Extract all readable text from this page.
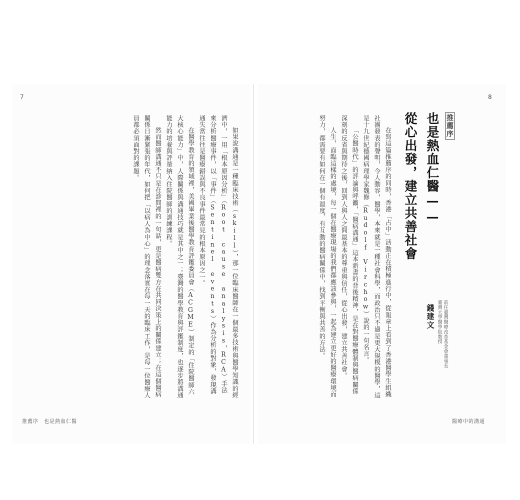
7	8
推薦序
也是熱血仁醫——
從心出發，建立共善社會
前任臺灣醫療改革基金會董事長
臺灣大學醫學院教授
錢建文

在寫這篇推薦序的同時，香港「占中」活動正在積極進行中，從報章上看到了香港醫學生組織社團發表的聲明，令人動容，醫學，本來就是一種社會科學，而政治只不過是更大規模的醫學，這是十九世紀德國病理學家魏修（Rudolf Virchow）說的一句名言。

「公醫時代」的評論與呼籲，「醫病溝通」這本新書的背後精神，是在對醫療體制與醫病關係深刻的反省與期待之後，回到人與人之間最基本的尊重與信任，從心出發，建立共善社會。

人生，面臨這樣的處境，每一個在醫療現場的我們都應該參與，一起為建立更好的醫療環境而努力，都需要有如何在一個有溫度、有互動的醫病關係中，找到平衡與共善的方法。

如果說溝通是一種臨床技術（skill），那一位臨床醫師在一個最多技術與醫學知識的經濟中，一用「根本原因分析」（Root cause analysis，RCA）手法來分析醫療事件，以「事件」（Sentinel events）作為分析的對象，發現溝通失當往往是醫療錯誤與不良事件最常見的根本原因之一。

在醫學教育的領域裡，美國畢業後醫學教育評鑑委員會（ACGME）制定的「住院醫師六大核心能力」中，人際關係與溝通技巧就是其中之一；臺灣的醫學教育與評鑑制度，也逐步將溝通能力的培養與評量納入住院醫師的訓練課程。

然而醫師溝通不只是在診間裡的一句話，更是醫病雙方在共同決策上的關係建立；在這個醫病關係日漸緊張的年代，如何把「以病人為中心」的理念落實在每一天的臨床工作，是每一位醫療人員都必須面對的課題。

推薦序　也是熱血仁醫	醫療中的溝通
